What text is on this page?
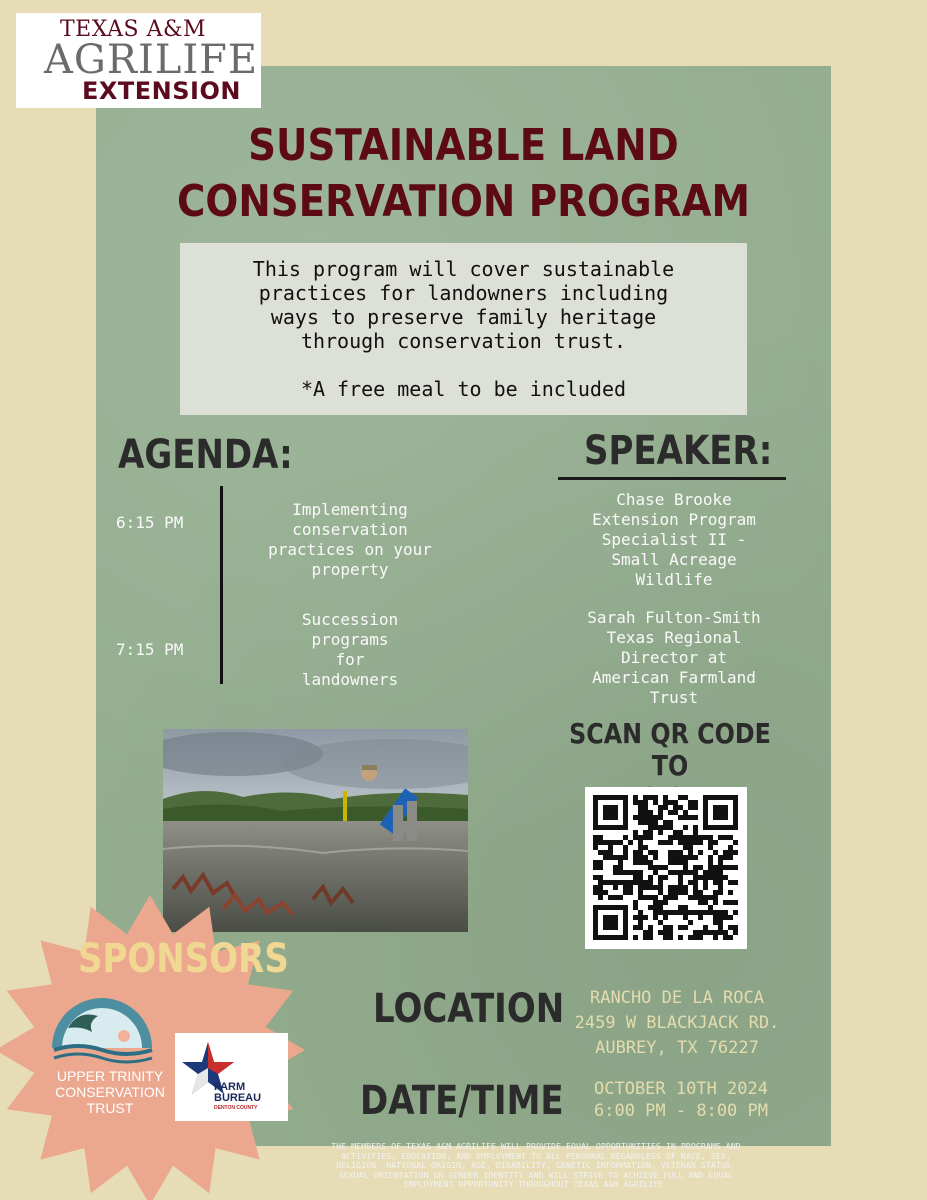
TEXAS A&M
AGRILIFE
EXTENSION
SUSTAINABLE LAND
CONSERVATION PROGRAM
This program will cover sustainable
practices for landowners including
ways to preserve family heritage
through conservation trust.
*A free meal to be included
AGENDA:
6:15 PM
Implementing
conservation
practices on your
property
7:15 PM
Succession
programs
for
landowners
SPEAKER:
Chase Brooke
Extension Program
Specialist II -
Small Acreage
Wildlife
Sarah Fulton-Smith
Texas Regional
Director at
American Farmland
Trust
SCAN QR CODE TO
LOCATION	RANCHO DE LA ROCA
2459 W BLACKJACK RD.
AUBREY, TX 76227
DATE/TIME	OCTOBER 10TH 2024
6:00 PM - 8:00 PM
THE MEMBERS OF TEXAS A&M AGRILIFE WILL PROVIDE EQUAL OPPORTUNITIES IN PROGRAMS AND
ACTIVITIES, EDUCATION, AND EMPLOYMENT TO ALL PERSONAL REGARDLESS OF RACE, SEX,
RELIGION, NATIONAL ORIGIN, AGE, DISABILITY, GENETIC INFORMATION, VETERAN STATUS,
SEXUAL ORIENTATION OR GENDER IDENTITY AND WILL STRIVE TO ACHIEVE FULL AND EQUAL
EMPLOYMENT OPPORTUNITY THROUGHOUT TEXAS A&M AGRILIFE.
SPONSORS
UPPER TRINITY
CONSERVATION
TRUST
FARM
BUREAU
DENTON COUNTY
